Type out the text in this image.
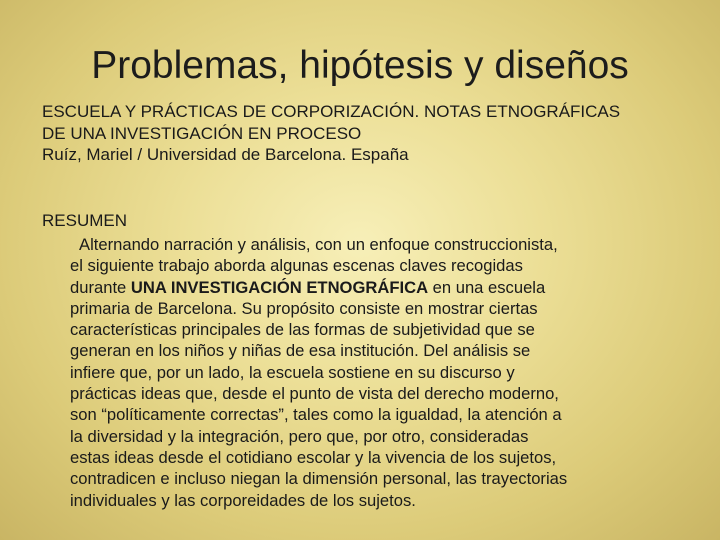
Problemas, hipótesis y diseños
ESCUELA Y PRÁCTICAS DE CORPORIZACIÓN. NOTAS ETNOGRÁFICAS
DE UNA INVESTIGACIÓN EN PROCESO
Ruíz, Mariel / Universidad de Barcelona. España
RESUMEN
Alternando narración y análisis, con un enfoque construccionista,
el siguiente trabajo aborda algunas escenas claves recogidas
durante UNA INVESTIGACIÓN ETNOGRÁFICA en una escuela
primaria de Barcelona. Su propósito consiste en mostrar ciertas
características principales de las formas de subjetividad que se
generan en los niños y niñas de esa institución. Del análisis se
infiere que, por un lado, la escuela sostiene en su discurso y
prácticas ideas que, desde el punto de vista del derecho moderno,
son “políticamente correctas”, tales como la igualdad, la atención a
la diversidad y la integración, pero que, por otro, consideradas
estas ideas desde el cotidiano escolar y la vivencia de los sujetos,
contradicen e incluso niegan la dimensión personal, las trayectorias
individuales y las corporeidades de los sujetos.
